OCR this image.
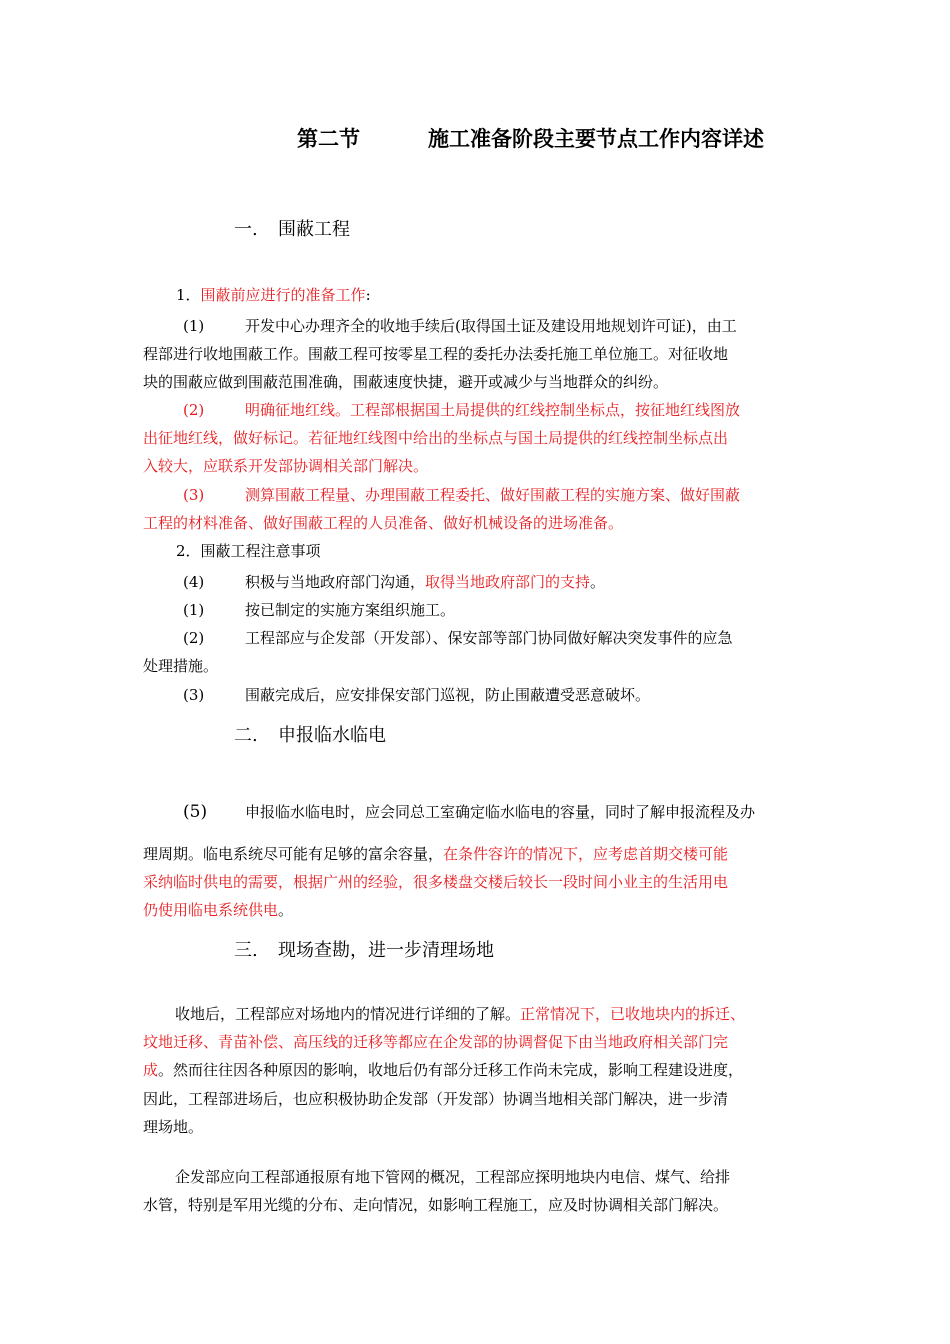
第二节	施工准备阶段主要节点工作内容详述
一. 围蔽工程
1．围蔽前应进行的准备工作:
(1)	开发中心办理齐全的收地手续后(取得国土证及建设用地规划许可证)，由工
程部进行收地围蔽工作。围蔽工程可按零星工程的委托办法委托施工单位施工。对征收地
块的围蔽应做到围蔽范围准确，围蔽速度快捷，避开或减少与当地群众的纠纷。
(2)	明确征地红线。工程部根据国土局提供的红线控制坐标点，按征地红线图放
出征地红线，做好标记。若征地红线图中给出的坐标点与国土局提供的红线控制坐标点出
入较大，应联系开发部协调相关部门解决。
(3)	测算围蔽工程量、办理围蔽工程委托、做好围蔽工程的实施方案、做好围蔽
工程的材料准备、做好围蔽工程的人员准备、做好机械设备的进场准备。
2．围蔽工程注意事项
(4)	积极与当地政府部门沟通，取得当地政府部门的支持。
(1)	按已制定的实施方案组织施工。
(2)	工程部应与企发部（开发部）、保安部等部门协同做好解决突发事件的应急
处理措施。
(3)	围蔽完成后，应安排保安部门巡视，防止围蔽遭受恶意破坏。
二. 申报临水临电
(5)	申报临水临电时，应会同总工室确定临水临电的容量，同时了解申报流程及办
理周期。临电系统尽可能有足够的富余容量，在条件容许的情况下，应考虑首期交楼可能
采纳临时供电的需要，根据广州的经验，很多楼盘交楼后较长一段时间小业主的生活用电
仍使用临电系统供电。
三. 现场查勘，进一步清理场地
收地后，工程部应对场地内的情况进行详细的了解。正常情况下，已收地块内的拆迁、
坟地迁移、青苗补偿、高压线的迁移等都应在企发部的协调督促下由当地政府相关部门完
成。然而往往因各种原因的影响，收地后仍有部分迁移工作尚未完成，影响工程建设进度，
因此，工程部进场后，也应积极协助企发部（开发部）协调当地相关部门解决，进一步清
理场地。
企发部应向工程部通报原有地下管网的概况，工程部应探明地块内电信、煤气、给排
水管，特别是军用光缆的分布、走向情况，如影响工程施工，应及时协调相关部门解决。
